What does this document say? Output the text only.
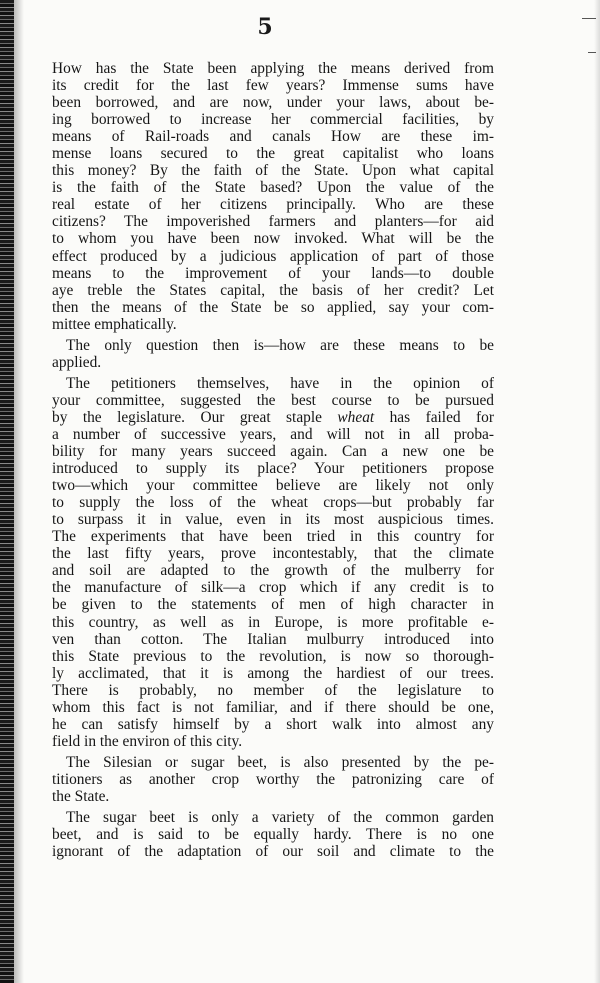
5
How has the State been applying the means derived from
its credit for the last few years? Immense sums have
been borrowed, and are now, under your laws, about be-
ing borrowed to increase her commercial facilities, by
means of Rail-roads and canals How are these im-
mense loans secured to the great capitalist who loans
this money? By the faith of the State. Upon what capital
is the faith of the State based? Upon the value of the
real estate of her citizens principally. Who are these
citizens? The impoverished farmers and planters—for aid
to whom you have been now invoked. What will be the
effect produced by a judicious application of part of those
means to the improvement of your lands—to double
aye treble the States capital, the basis of her credit? Let
then the means of the State be so applied, say your com-
mittee emphatically.
The only question then is—how are these means to be
applied.
The petitioners themselves, have in the opinion of
your committee, suggested the best course to be pursued
by the legislature. Our great staple wheat has failed for
a number of successive years, and will not in all proba-
bility for many years succeed again. Can a new one be
introduced to supply its place? Your petitioners propose
two—which your committee believe are likely not only
to supply the loss of the wheat crops—but probably far
to surpass it in value, even in its most auspicious times.
The experiments that have been tried in this country for
the last fifty years, prove incontestably, that the climate
and soil are adapted to the growth of the mulberry for
the manufacture of silk—a crop which if any credit is to
be given to the statements of men of high character in
this country, as well as in Europe, is more profitable e-
ven than cotton. The Italian mulburry introduced into
this State previous to the revolution, is now so thorough-
ly acclimated, that it is among the hardiest of our trees.
There is probably, no member of the legislature to
whom this fact is not familiar, and if there should be one,
he can satisfy himself by a short walk into almost any
field in the environ of this city.
The Silesian or sugar beet, is also presented by the pe-
titioners as another crop worthy the patronizing care of
the State.
The sugar beet is only a variety of the common garden
beet, and is said to be equally hardy. There is no one
ignorant of the adaptation of our soil and climate to the
